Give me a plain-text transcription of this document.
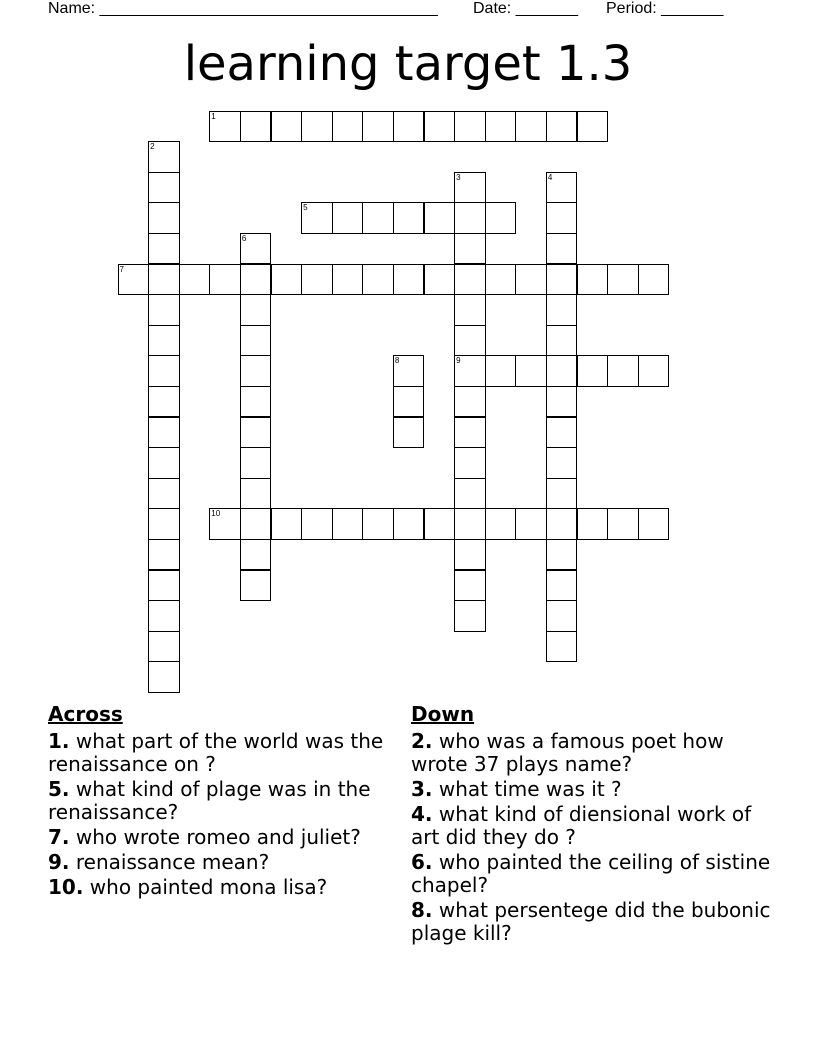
Name: ______________________________________ Date: _______ Period: _______
learning target 1.3
1
2
3
9
4
5
6
7
8
10
Across
1. what part of the world was the renaissance on ?
5. what kind of plage was in the renaissance?
7. who wrote romeo and juliet?
9. renaissance mean?
10. who painted mona lisa?
Down
2. who was a famous poet how wrote 37 plays name?
3. what time was it ?
4. what kind of diensional work of art did they do ?
6. who painted the ceiling of sistine chapel?
8. what persentege did the bubonic plage kill?
